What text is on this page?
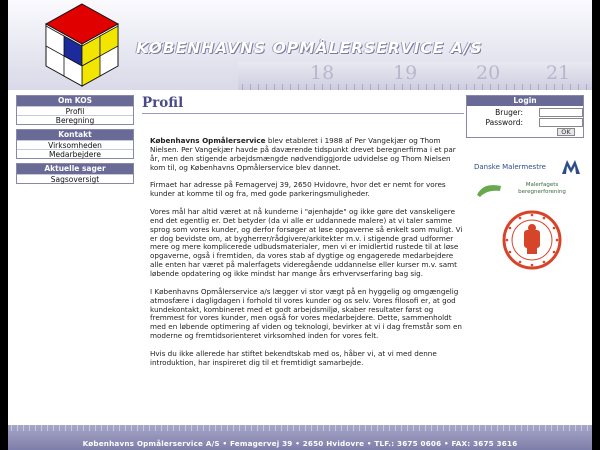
18	19	20 21
KØBENHAVNS OPMÅLERSERVICE A/S
Om KOS
Profil
Beregning
Kontakt
Virksomheden
Medarbejdere
Aktuelle sager
Sagsoversigt
Profil

Københavns Opmålerservice blev etableret i 1988 af Per Vangekjær og Thom Nielsen. Per Vangekjær havde på daværende tidspunkt drevet beregnerfirma i et par år, men den stigende arbejdsmængde nødvendiggjorde udvidelse og Thom Nielsen kom til, og Københavns Opmålerservice blev dannet.

Firmaet har adresse på Femagervej 39, 2650 Hvidovre, hvor det er nemt for vores kunder at komme til og fra, med gode parkeringsmuligheder.

Vores mål har altid været at nå kunderne i "øjenhøjde" og ikke gøre det vanskeligere end det egentlig er. Det betyder (da vi alle er uddannede malere) at vi taler samme sprog som vores kunder, og derfor forsøger at løse opgaverne så enkelt som muligt. Vi er dog bevidste om, at bygherrer/rådgivere/arkitekter m.v. i stigende grad udformer mere og mere komplicerede udbudsmaterialer, men vi er imidlertid rustede til at løse opgaverne, også i fremtiden, da vores stab af dygtige og engagerede medarbejdere alle enten har været på malerfagets videregående uddannelse eller kurser m.v. samt løbende opdatering og ikke mindst har mange års erhvervserfaring bag sig.

I Københavns Opmålerservice a/s lægger vi stor vægt på en hyggelig og omgængelig atmosfære i dagligdagen i forhold til vores kunder og os selv. Vores filosofi er, at god kundekontakt, kombineret med et godt arbejdsmiljø, skaber resultater først og fremmest for vores kunder, men også for vores medarbejdere. Dette, sammenholdt med en løbende optimering af viden og teknologi, bevirker at vi i dag fremstår som en moderne og fremtidsorienteret virksomhed inden for vores felt.

Hvis du ikke allerede har stiftet bekendtskab med os, håber vi, at vi med denne introduktion, har inspireret dig til et fremtidigt samarbejde.

Login
Bruger:
Password:
OK
Danske Malermestre
Malerfagets beregnerforening
Københavns Opmålerservice A/S • Femagervej 39 • 2650 Hvidovre • TLF.: 3675 0606 • FAX: 3675 3616
